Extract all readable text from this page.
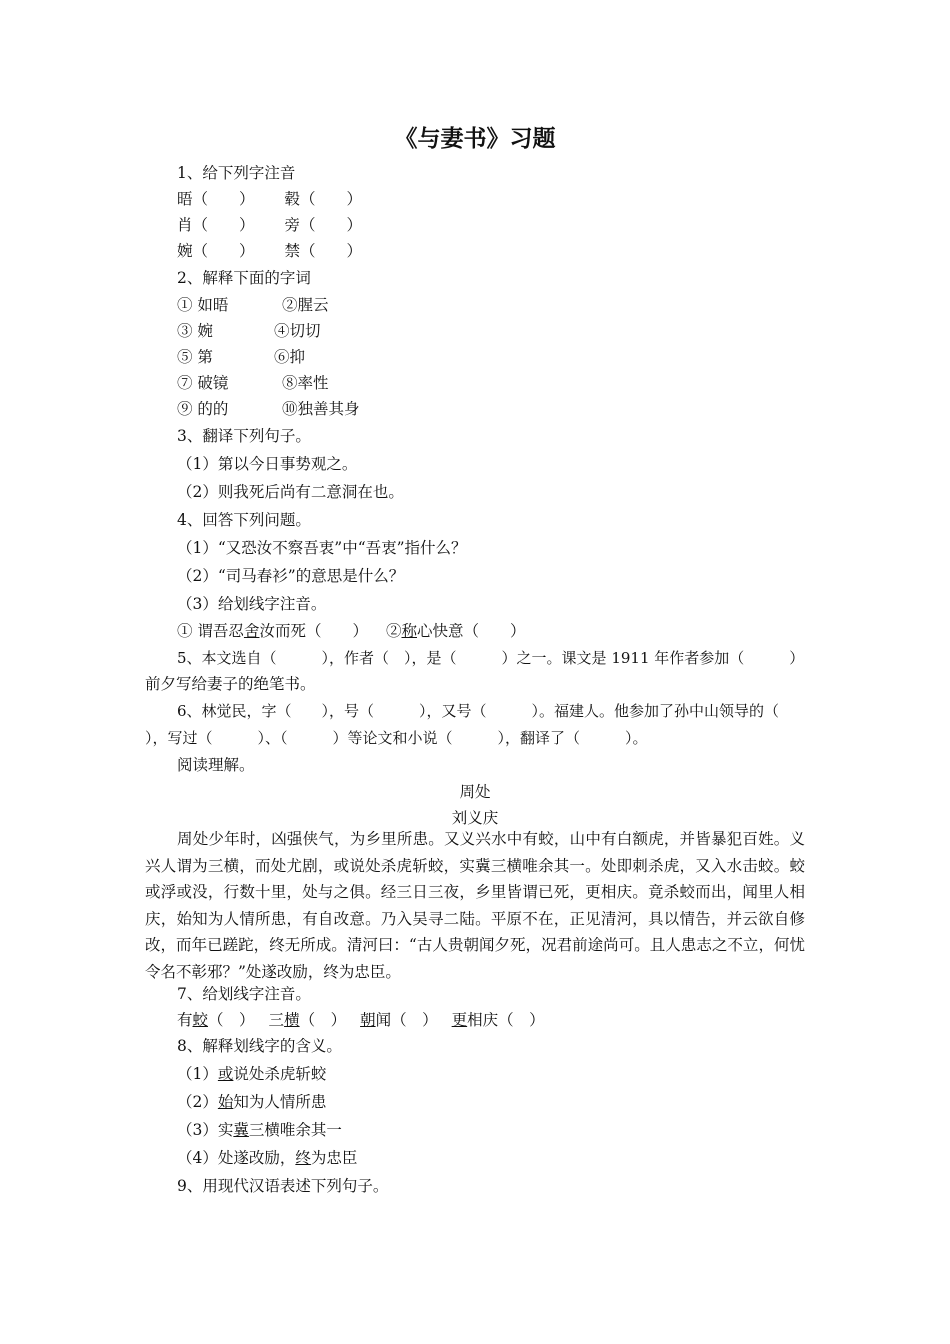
《与妻书》习题
1、给下列字注音
晤（　　） 毂（　　）
肖（　　） 旁（　　）
婉（　　） 禁（　　）
2、解释下面的字词
① 如晤	②腥云
③ 婉	④切切
⑤ 第	⑥抑
⑦ 破镜	⑧率性
⑨ 的的	⑩独善其身
3、翻译下列句子。
（1）第以今日事势观之。
（2）则我死后尚有二意洞在也。
4、回答下列问题。
（1）“又恐汝不察吾衷”中“吾衷”指什么？
（2）“司马春衫”的意思是什么？
（3）给划线字注音。
① 谓吾忍舍汝而死（　　） ②称心快意（　　）
5、本文选自（　　　），作者（　），是（　　　）之一。课文是 1911 年作者参加（　　　）
前夕写给妻子的绝笔书。
6、林觉民，字（　　），号（　　　），又号（　　　）。福建人。他参加了孙中山领导的（
），写过（　　　）、（　　　）等论文和小说（　　　），翻译了（　　　）。
阅读理解。
周处
刘义庆
周处少年时，凶强侠气，为乡里所患。又义兴水中有蛟，山中有白额虎，并皆暴犯百姓。义兴人谓为三横，而处尤剧，或说处杀虎斩蛟，实冀三横唯余其一。处即刺杀虎，又入水击蛟。蛟或浮或没，行数十里，处与之俱。经三日三夜，乡里皆谓已死，更相庆。竟杀蛟而出，闻里人相庆，始知为人情所患，有自改意。乃入吴寻二陆。平原不在，正见清河，具以情告，并云欲自修改，而年已蹉跎，终无所成。清河曰：“古人贵朝闻夕死，况君前途尚可。且人患志之不立，何忧令名不彰邪？”处遂改励，终为忠臣。
7、给划线字注音。
有蛟（　） 三横（　） 朝闻（　） 更相庆（　）
8、解释划线字的含义。
（1）或说处杀虎斩蛟
（2）始知为人情所患
（3）实冀三横唯余其一
（4）处遂改励，终为忠臣
9、用现代汉语表述下列句子。
